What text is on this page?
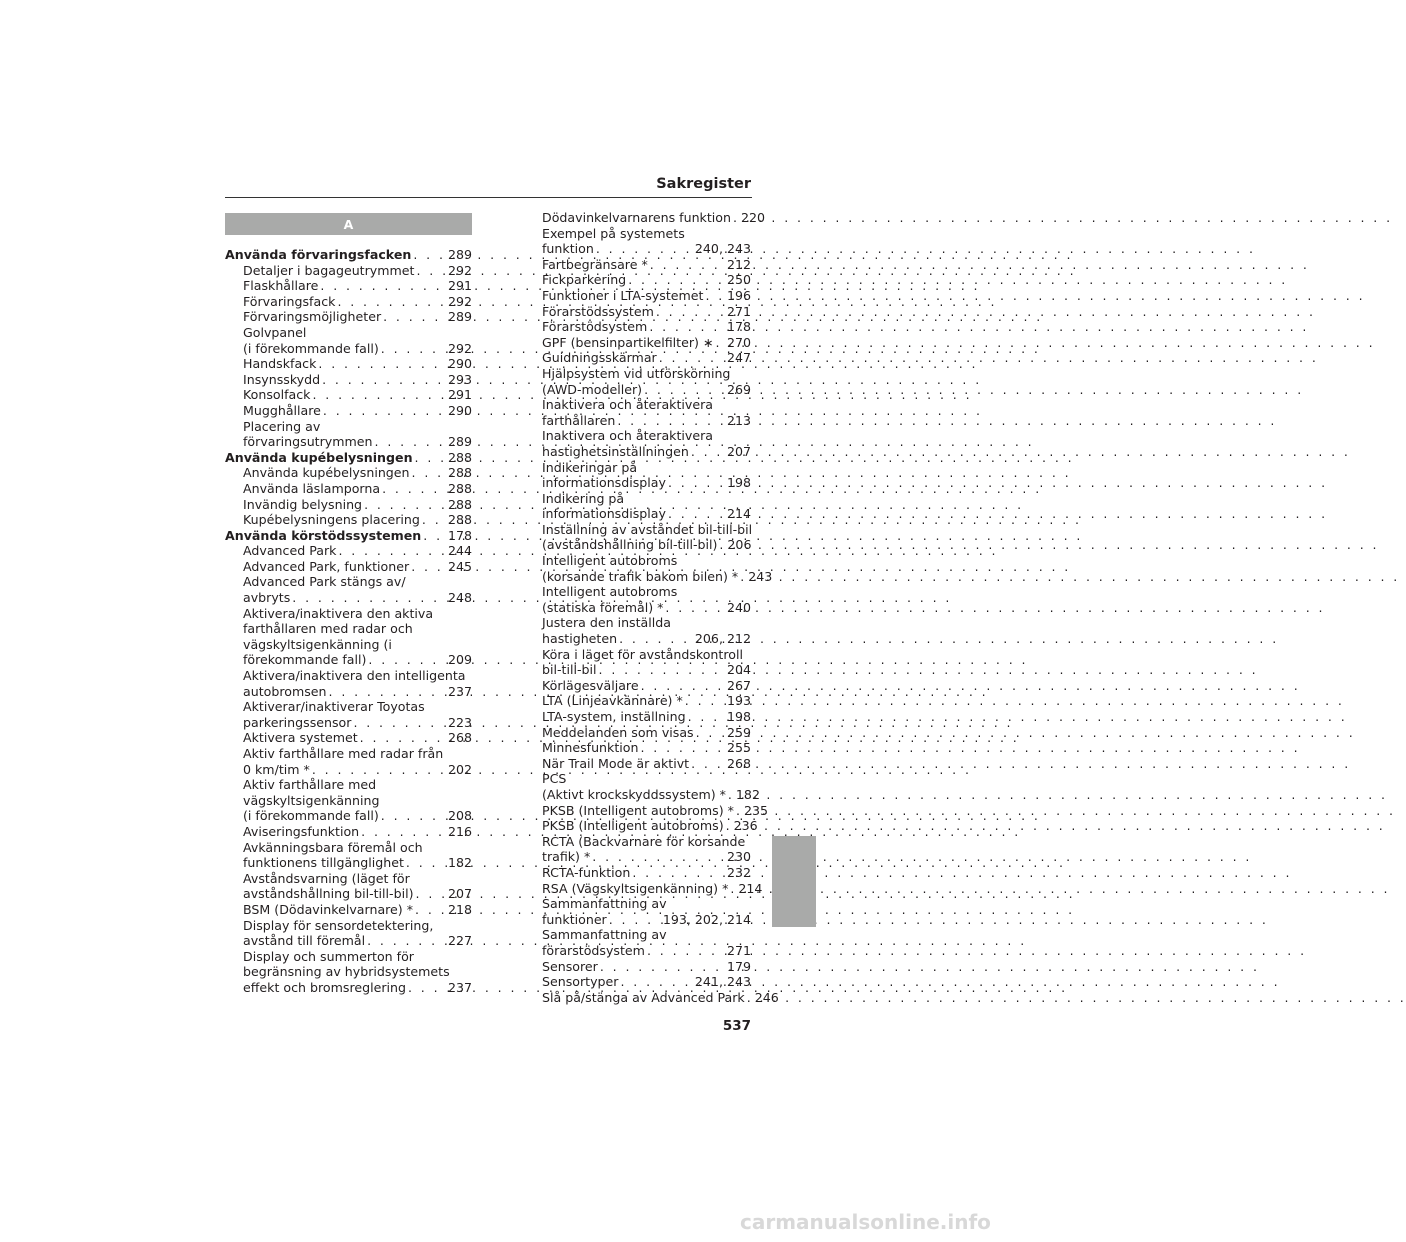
Sakregister
A
Använda förvaringsfacken . . .	289
Detaljer i bagageutrymmet . . .	292
Flaskhållare . . .	291
Förvaringsfack . . .	292
Förvaringsmöjligheter . . .	289
Golvpanel
(i förekommande fall) . . .	292
Handskfack . . .	290
Insynsskydd . . .	293
Konsolfack . . .	291
Mugghållare . . .	290
Placering av
förvaringsutrymmen . . .	289
Använda kupébelysningen . . .	288
Använda kupébelysningen . . .	288
Använda läslamporna . . .	288
Invändig belysning . . .	288
Kupébelysningens placering . . . 288
Använda körstödssystemen . . . 178
Advanced Park . . .	244
Advanced Park, funktioner . . .	245
Advanced Park stängs av/
avbryts . . .	248
Aktivera/inaktivera den aktiva
farthållaren med radar och
vägskyltsigenkänning (i
förekommande fall) . . .	209
Aktivera/inaktivera den intelligenta
autobromsen . . .	237
Aktiverar/inaktiverar Toyotas
parkeringssensor . . .	223
Aktivera systemet . . .	268
Aktiv farthållare med radar från
0 km/tim * . . .	202
Aktiv farthållare med
vägskyltsigenkänning
(i förekommande fall) . . .	208
Aviseringsfunktion . . .	216
Avkänningsbara föremål och
funktionens tillgänglighet . . .	182
Avståndsvarning (läget för
avståndshållning bil-till-bil) . . .	207
BSM (Dödavinkelvarnare) * . . .	218
Display för sensordetektering,
avstånd till föremål . . .	227
Display och summerton för
begränsning av hybridsystemets
effekt och bromsreglering . . .	237
Dödavinkelvarnarens funktion . . . 220
Exempel på systemets
funktion . . .	240, 243
Fartbegränsare * . . .	212
Fickparkering . . .	250
Funktioner i LTA-systemet . . . 196
Förarstödssystem . . .	271
Förarstödsystem . . .	178
GPF (bensinpartikelfilter) ∗ . . . 270
Guidningsskärmar . . .	247
Hjälpsystem vid utförskörning
(AWD-modeller) . . .	269
Inaktivera och återaktivera
farthållaren . . .	213
Inaktivera och återaktivera
hastighetsinställningen . . .	207
Indikeringar på
informationsdisplay . . .	198
Indikering på
informationsdisplay . . .	214
Inställning av avståndet bil-till-bil
(avståndshållning bil-till-bil) . . . 206
Intelligent autobroms
(korsande trafik bakom bilen) * . . . 243
Intelligent autobroms
(statiska föremål) * . . .	240
Justera den inställda
hastigheten . . .	206, 212
Köra i läget för avståndskontroll
bil-till-bil . . .	204
Körlägesväljare . . .	267
LTA (Linjeavkännare) * . . .	193
LTA-system, inställning . . .	198
Meddelanden som visas . . .	259
Minnesfunktion . . .	255
När Trail Mode är aktivt . . .	268
PCS
(Aktivt krockskyddssystem) * . . . 182
PKSB (Intelligent autobroms) * . . . 235
PKSB (Intelligent autobroms) . . . 236
RCTA (Backvarnare för korsande
trafik) * . . .	230
RCTA-funktion . . .	232
RSA (Vägskyltsigenkänning) * . . . 214
Sammanfattning av
funktioner . . .	193, 202, 214
Sammanfattning av
förarstödsystem . . .	271
Sensorer . . .	179
Sensortyper . . .	241, 243
Slå på/stänga av Advanced Park . . . 246
537
carmanualsonline.info
